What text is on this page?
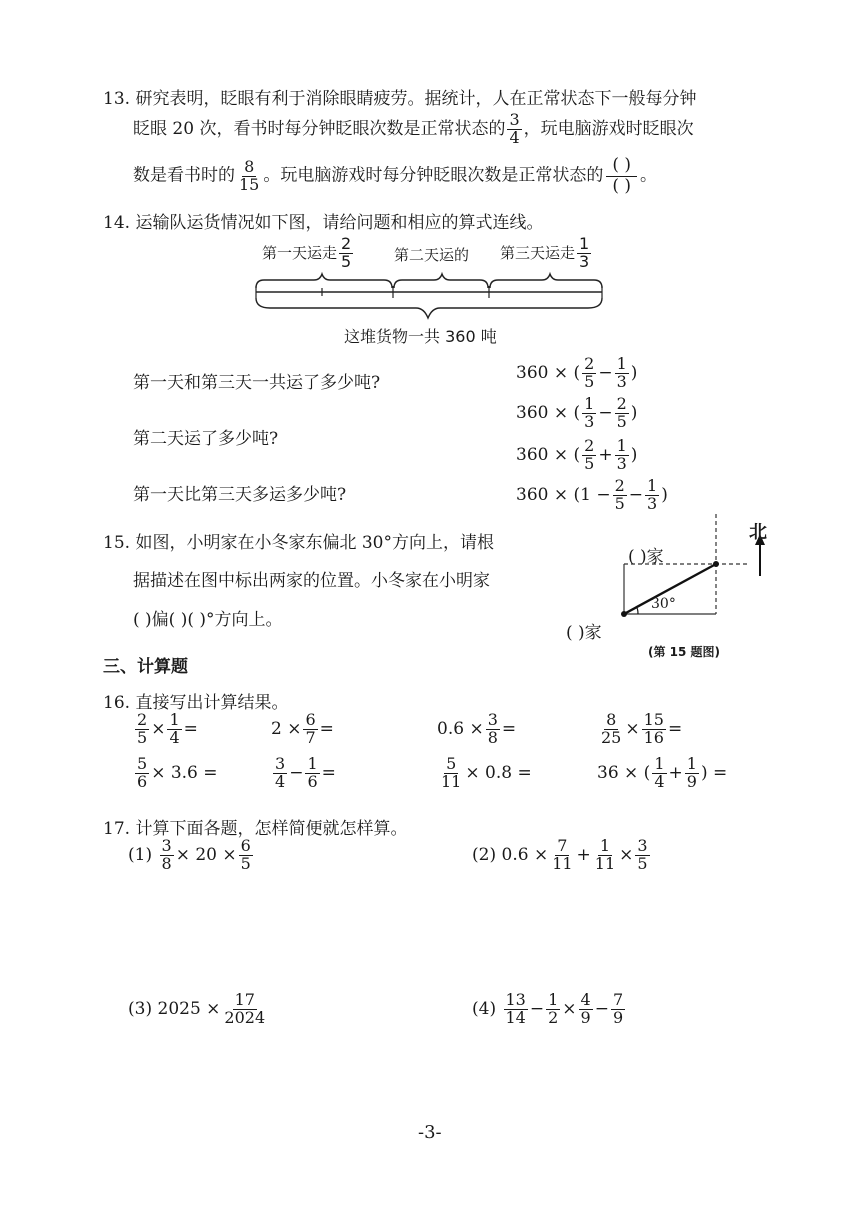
13. 研究表明，眨眼有利于消除眼睛疲劳。据统计，人在正常状态下一般每分钟
眨眼 20 次，看书时每分钟眨眼次数是正常状态的 $\frac{3}{4}$ ，玩电脑游戏时眨眼次
数是看书时的 $\frac{8}{15}$ 。玩电脑游戏时每分钟眨眼次数是正常状态的 $\frac{( )}{( )}$ 。
14. 运输队运货情况如下图，请给问题和相应的算式连线。
第一天运走 $\frac{2}{5}$	第二天运的 第三天运走 $\frac{1}{3}$
这堆货物一共 360 吨
第一天和第三天一共运了多少吨?
第二天运了多少吨?
第一天比第三天多运多少吨?
360 × ( $\frac{2}{5} - \frac{1}{3}$ )
360 × ( $\frac{1}{3} - \frac{2}{5}$ )
360 × ( $\frac{2}{5} + \frac{1}{3}$ )
$360 \times (1 - \frac{2}{5} - \frac{1}{3}$ )
15. 如图，小明家在小冬家东偏北 30°方向上，请根
据描述在图中标出两家的位置。小冬家在小明家
( )偏( )( )°方向上。
北
( )家
( )家
30°
(第 15 题图)
三、计算题
16. 直接写出计算结果。
$\frac{2}{5} \times \frac{1}{4}$ =	$2 \times \frac{6}{7}$ =	$0.6 \times \frac{3}{8}$ =	$\frac{8}{25} \times \frac{15}{16}$ =
$\frac{5}{6} \times 3.6$ =	$\frac{3}{4} - \frac{1}{6}$ =	$\frac{5}{11} \times 0.8$ =	36 × ( $\frac{1}{4} + \frac{1}{9}$ ) =
17. 计算下面各题，怎样简便就怎样算。
$(1) \frac{3}{8} \times 20 \times \frac{6}{5}$	(2) $0.6 \times \frac{7}{11} + \frac{1}{11} \times \frac{3}{5}$
(3) $2025 \times \frac{17}{2024}$	$(4) \frac{13}{14} - \frac{1}{2} \times \frac{4}{9} - \frac{7}{9}$
-3-
